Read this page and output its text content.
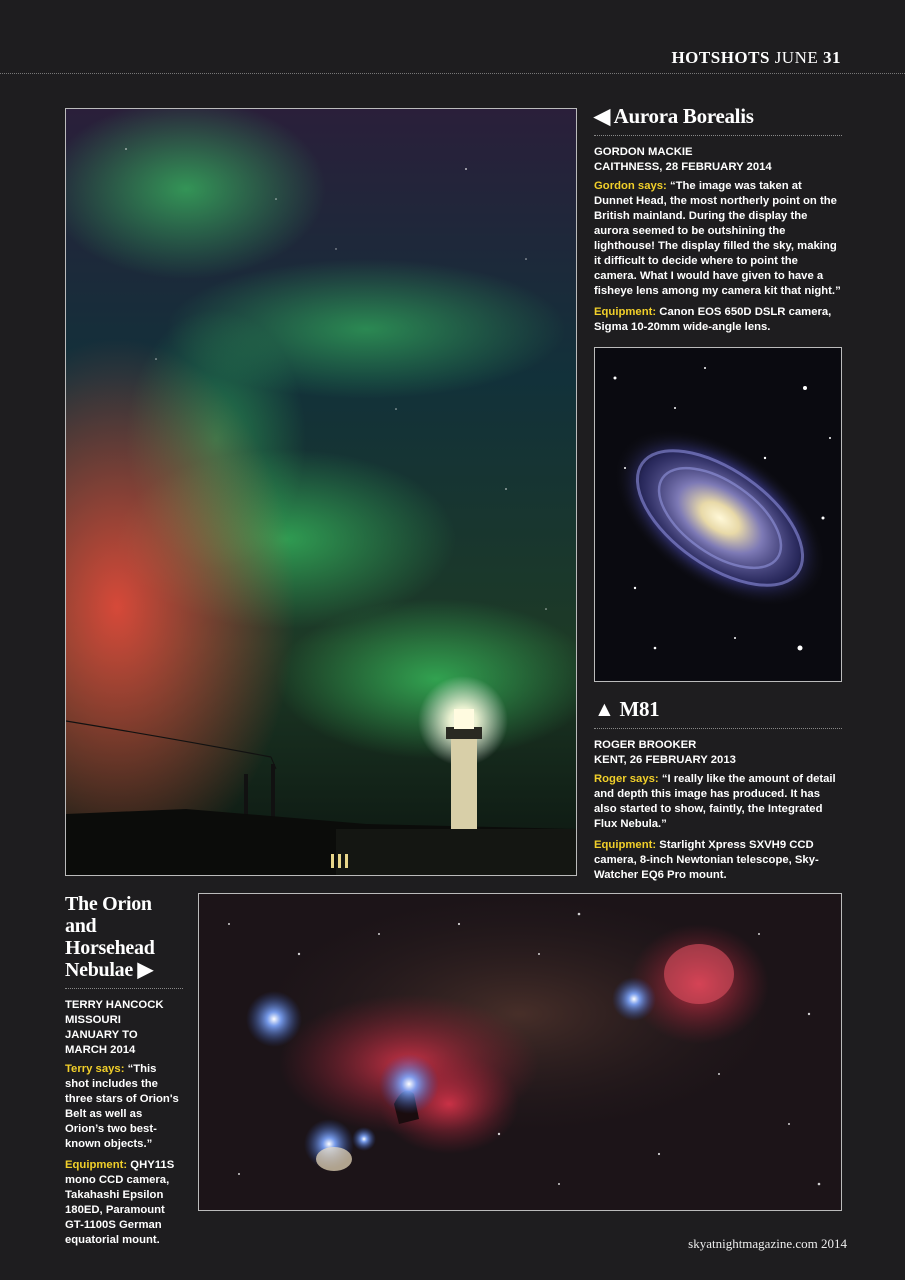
HOTSHOTS JUNE 31
◀ Aurora Borealis

GORDON MACKIE

CAITHNESS, 28 FEBRUARY 2014

Gordon says: “The image was taken at Dunnet Head, the most northerly point on the British mainland. During the display the aurora seemed to be outshining the lighthouse! The display filled the sky, making it difficult to decide where to point the camera. What I would have given to have a fisheye lens among my camera kit that night.”

Equipment: Canon EOS 650D DSLR camera, Sigma 10-20mm wide-angle lens.

▲ M81

ROGER BROOKER

KENT, 26 FEBRUARY 2013

Roger says: “I really like the amount of detail and depth this image has produced. It has also started to show, faintly, the Integrated Flux Nebula.”

Equipment: Starlight Xpress SXVH9 CCD camera, 8-inch Newtonian telescope, Sky-Watcher EQ6 Pro mount.

The Orion and
Horsehead
Nebulae ▶

TERRY HANCOCK

MISSOURI

JANUARY TO

MARCH 2014

Terry says: “This shot includes the three stars of Orion's Belt as well as Orion’s two best-known objects.”

Equipment: QHY11S mono CCD camera, Takahashi Epsilon 180ED, Paramount GT-1100S German equatorial mount.	skyatnightmagazine.com 2014
